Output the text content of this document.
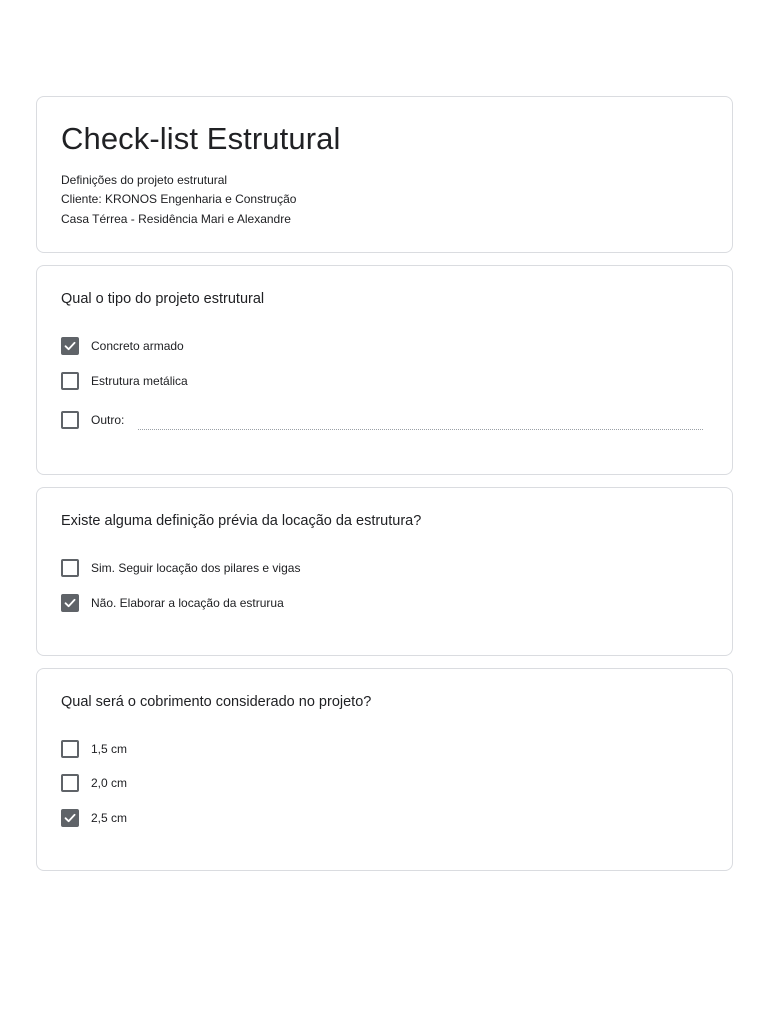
Check-list Estrutural
Definições do projeto estrutural
Cliente: KRONOS Engenharia e Construção
Casa Térrea - Residência Mari e Alexandre
Qual o tipo do projeto estrutural
Concreto armado
Estrutura metálica
Outro:
Existe alguma definição prévia da locação da estrutura?
Sim. Seguir locação dos pilares e vigas
Não. Elaborar a locação da estrurua
Qual será o cobrimento considerado no projeto?
1,5 cm
2,0 cm
2,5 cm
